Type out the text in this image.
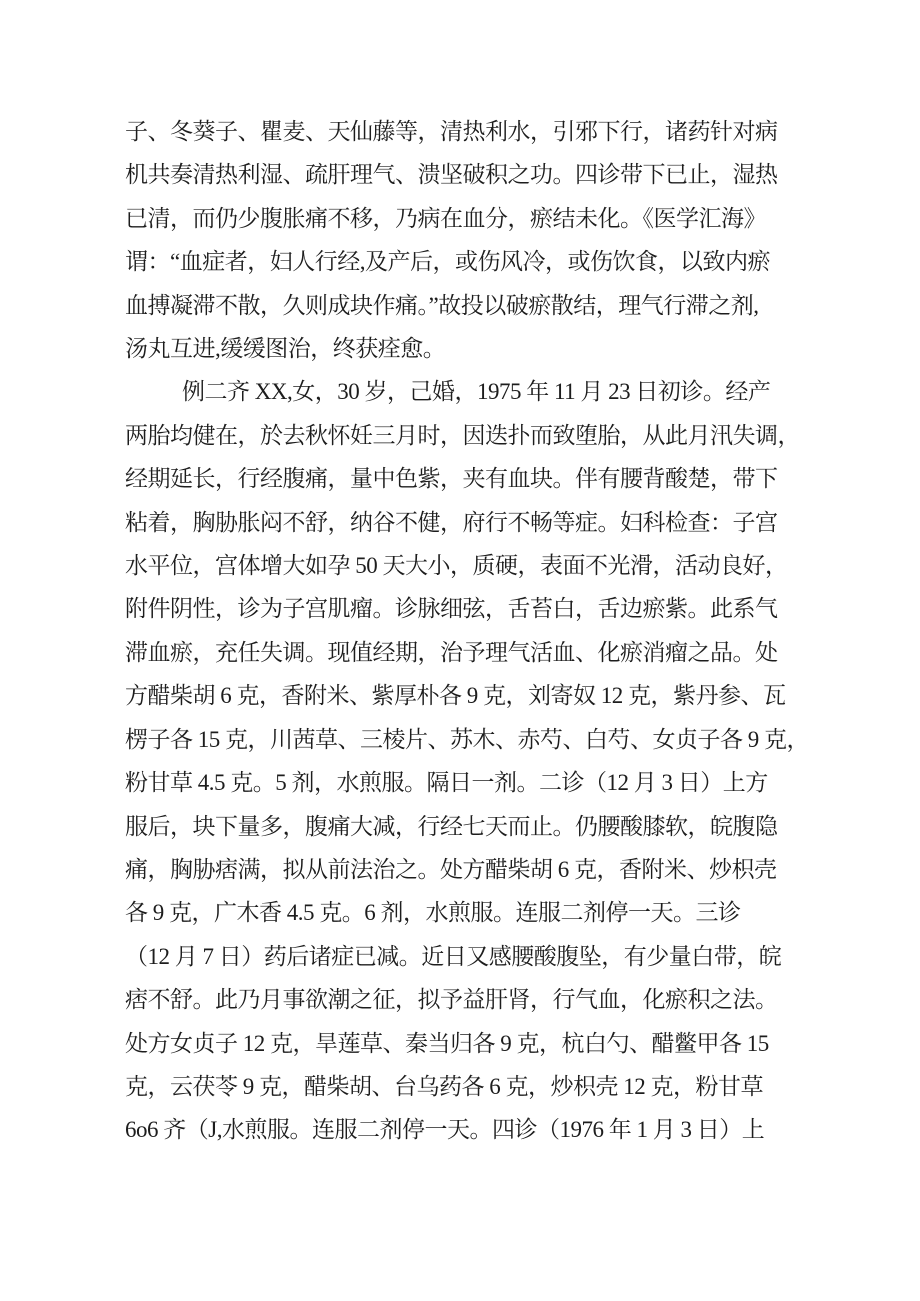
子、冬葵子、瞿麦、天仙藤等，清热利水，引邪下行，诸药针对病

机共奏清热利湿、疏肝理气、溃坚破积之功。四诊带下已止，湿热

已清，而仍少腹胀痛不移，乃病在血分，瘀结未化。《医学汇海》

谓：“血症者，妇人行经,及产后，或伤风冷，或伤饮食，以致内瘀

血搏凝滞不散，久则成块作痛。”故投以破瘀散结，理气行滞之剂,

汤丸互进,缓缓图治，终获痊愈。

例二齐 XX,女，30 岁，己婚，1975 年 11 月 23 日初诊。经产

两胎均健在，於去秋怀妊三月时，因迭扑而致堕胎，从此月汛失调，

经期延长，行经腹痛，量中色紫，夹有血块。伴有腰背酸楚，带下

粘着，胸胁胀闷不舒，纳谷不健，府行不畅等症。妇科检查：子宫

水平位，宫体增大如孕 50 天大小，质硬，表面不光滑，活动良好，

附件阴性，诊为子宫肌瘤。诊脉细弦，舌苔白，舌边瘀紫。此系气

滞血瘀，充任失调。现值经期，治予理气活血、化瘀消瘤之品。处

方醋柴胡 6 克，香附米、紫厚朴各 9 克，刘寄奴 12 克，紫丹参、瓦

楞子各 15 克，川茜草、三棱片、苏木、赤芍、白芍、女贞子各 9 克，

粉甘草 4.5 克。5 剂，水煎服。隔日一剂。二诊（12 月 3 日）上方

服后，块下量多，腹痛大减，行经七天而止。仍腰酸膝软，皖腹隐

痛，胸胁痞满，拟从前法治之。处方醋柴胡 6 克，香附米、炒枳壳

各 9 克，广木香 4.5 克。6 剂，水煎服。连服二剂停一天。三诊

（12 月 7 日）药后诸症已减。近日又感腰酸腹坠，有少量白带，皖

痞不舒。此乃月事欲潮之征，拟予益肝肾，行气血，化瘀积之法。

处方女贞子 12 克，旱莲草、秦当归各 9 克，杭白勺、醋鳖甲各 15

克，云茯苓 9 克，醋柴胡、台乌药各 6 克，炒枳壳 12 克，粉甘草

6o6 齐（J,水煎服。连服二剂停一天。四诊（1976 年 1 月 3 日）上
